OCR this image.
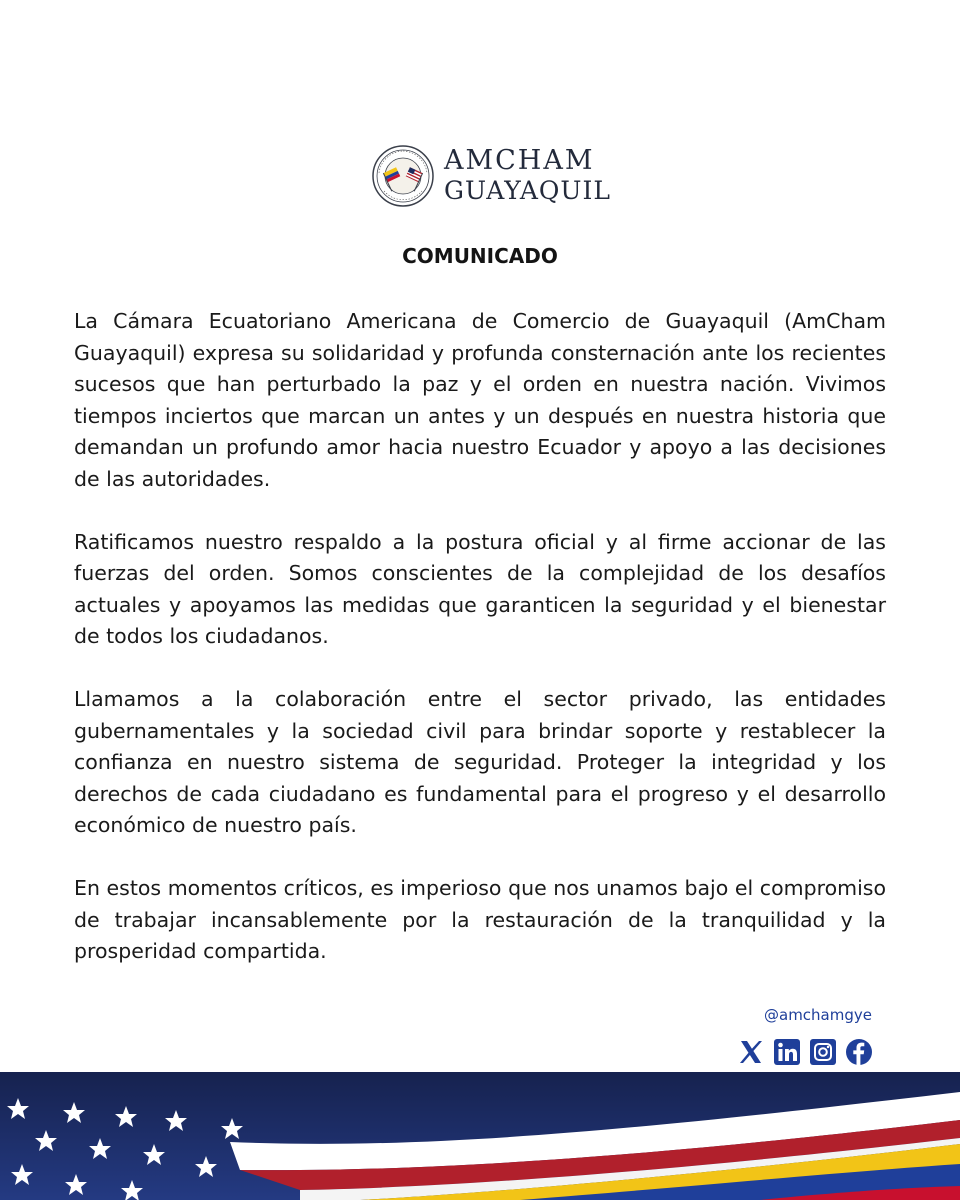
AMCHAM
GUAYAQUIL
COMUNICADO

La Cámara Ecuatoriano Americana de Comercio de Guayaquil (AmCham Guayaquil) expresa su solidaridad y profunda consternación ante los recientes sucesos que han perturbado la paz y el orden en nuestra nación. Vivimos tiempos inciertos que marcan un antes y un después en nuestra historia que demandan un profundo amor hacia nuestro Ecuador y apoyo a las decisiones de las autoridades.

Ratificamos nuestro respaldo a la postura oficial y al firme accionar de las fuerzas del orden. Somos conscientes de la complejidad de los desafíos actuales y apoyamos las medidas que garanticen la seguridad y el bienestar de todos los ciudadanos.

Llamamos a la colaboración entre el sector privado, las entidades gubernamentales y la sociedad civil para brindar soporte y restablecer la confianza en nuestro sistema de seguridad. Proteger la integridad y los derechos de cada ciudadano es fundamental para el progreso y el desarrollo económico de nuestro país.

En estos momentos críticos, es imperioso que nos unamos bajo el compromiso de trabajar incansablemente por la restauración de la tranquilidad y la prosperidad compartida.

@amchamgye
